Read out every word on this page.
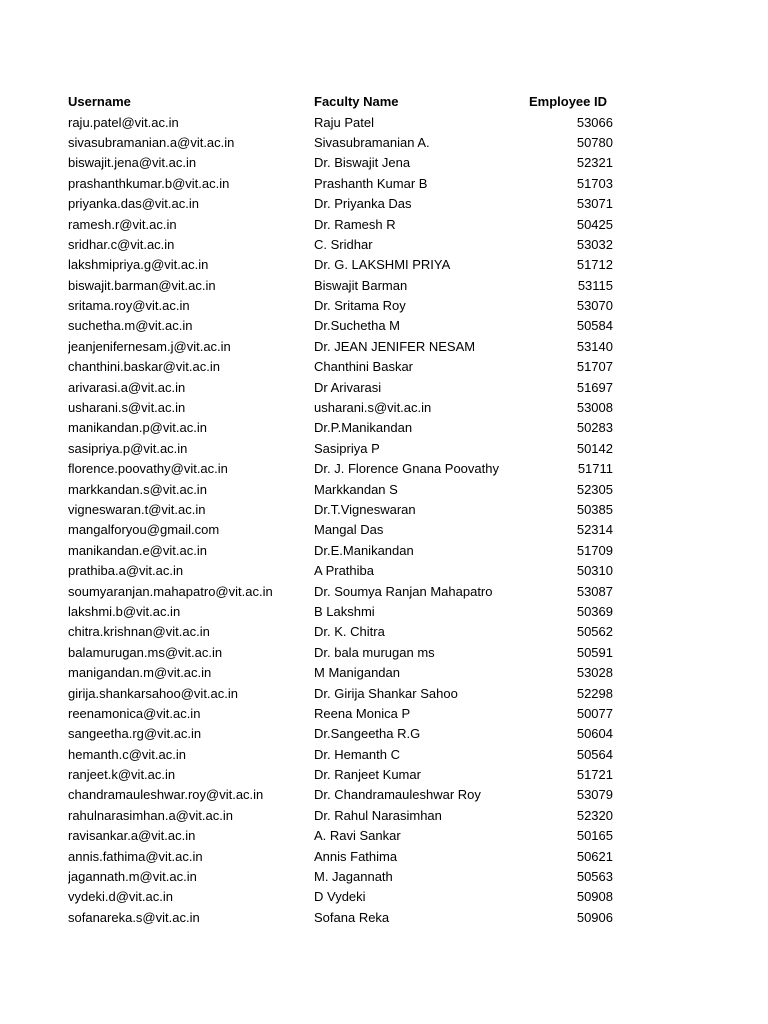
Username	Faculty Name	Employee ID
raju.patel@vit.ac.in	Raju Patel	53066
sivasubramanian.a@vit.ac.in	Sivasubramanian A.	50780
biswajit.jena@vit.ac.in	Dr. Biswajit Jena	52321
prashanthkumar.b@vit.ac.in	Prashanth Kumar B	51703
priyanka.das@vit.ac.in	Dr. Priyanka Das	53071
ramesh.r@vit.ac.in	Dr. Ramesh R	50425
sridhar.c@vit.ac.in	C. Sridhar	53032
lakshmipriya.g@vit.ac.in	Dr. G. LAKSHMI PRIYA	51712
biswajit.barman@vit.ac.in	Biswajit Barman	53115
sritama.roy@vit.ac.in	Dr. Sritama Roy	53070
suchetha.m@vit.ac.in	Dr.Suchetha M	50584
jeanjenifernesam.j@vit.ac.in	Dr. JEAN JENIFER NESAM	53140
chanthini.baskar@vit.ac.in	Chanthini Baskar	51707
arivarasi.a@vit.ac.in	Dr Arivarasi	51697
usharani.s@vit.ac.in	usharani.s@vit.ac.in	53008
manikandan.p@vit.ac.in	Dr.P.Manikandan	50283
sasipriya.p@vit.ac.in	Sasipriya P	50142
florence.poovathy@vit.ac.in	Dr. J. Florence Gnana Poovathy	51711
markkandan.s@vit.ac.in	Markkandan S	52305
vigneswaran.t@vit.ac.in	Dr.T.Vigneswaran	50385
mangalforyou@gmail.com	Mangal Das	52314
manikandan.e@vit.ac.in	Dr.E.Manikandan	51709
prathiba.a@vit.ac.in	A Prathiba	50310
soumyaranjan.mahapatro@vit.ac.in	Dr. Soumya Ranjan Mahapatro	53087
lakshmi.b@vit.ac.in	B Lakshmi	50369
chitra.krishnan@vit.ac.in	Dr. K. Chitra	50562
balamurugan.ms@vit.ac.in	Dr. bala murugan ms	50591
manigandan.m@vit.ac.in	M Manigandan	53028
girija.shankarsahoo@vit.ac.in	Dr. Girija Shankar Sahoo	52298
reenamonica@vit.ac.in	Reena Monica P	50077
sangeetha.rg@vit.ac.in	Dr.Sangeetha R.G	50604
hemanth.c@vit.ac.in	Dr. Hemanth C	50564
ranjeet.k@vit.ac.in	Dr. Ranjeet Kumar	51721
chandramauleshwar.roy@vit.ac.in	Dr. Chandramauleshwar Roy	53079
rahulnarasimhan.a@vit.ac.in	Dr. Rahul Narasimhan	52320
ravisankar.a@vit.ac.in	A. Ravi Sankar	50165
annis.fathima@vit.ac.in	Annis Fathima	50621
jagannath.m@vit.ac.in	M. Jagannath	50563
vydeki.d@vit.ac.in	D Vydeki	50908
sofanareka.s@vit.ac.in	Sofana Reka	50906
